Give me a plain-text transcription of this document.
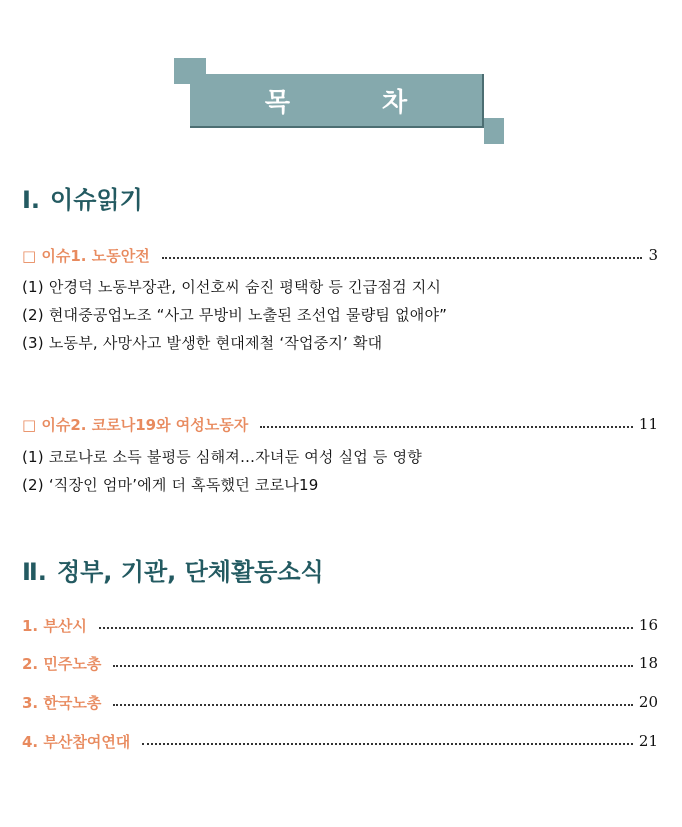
목	차
Ⅰ. 이슈읽기
□ 이슈1. 노동안전	3
(1) 안경덕 노동부장관, 이선호씨 숨진 평택항 등 긴급점검 지시
(2) 현대중공업노조 “사고 무방비 노출된 조선업 물량팀 없애야”
(3) 노동부, 사망사고 발생한 현대제철 ‘작업중지’ 확대
□ 이슈2. 코로나19와 여성노동자	11
(1) 코로나로 소득 불평등 심해져…자녀둔 여성 실업 등 영향
(2) ‘직장인 엄마’에게 더 혹독했던 코로나19
Ⅱ. 정부, 기관, 단체활동소식
1. 부산시	16
2. 민주노총	18
3. 한국노총	20
4. 부산참여연대	21
